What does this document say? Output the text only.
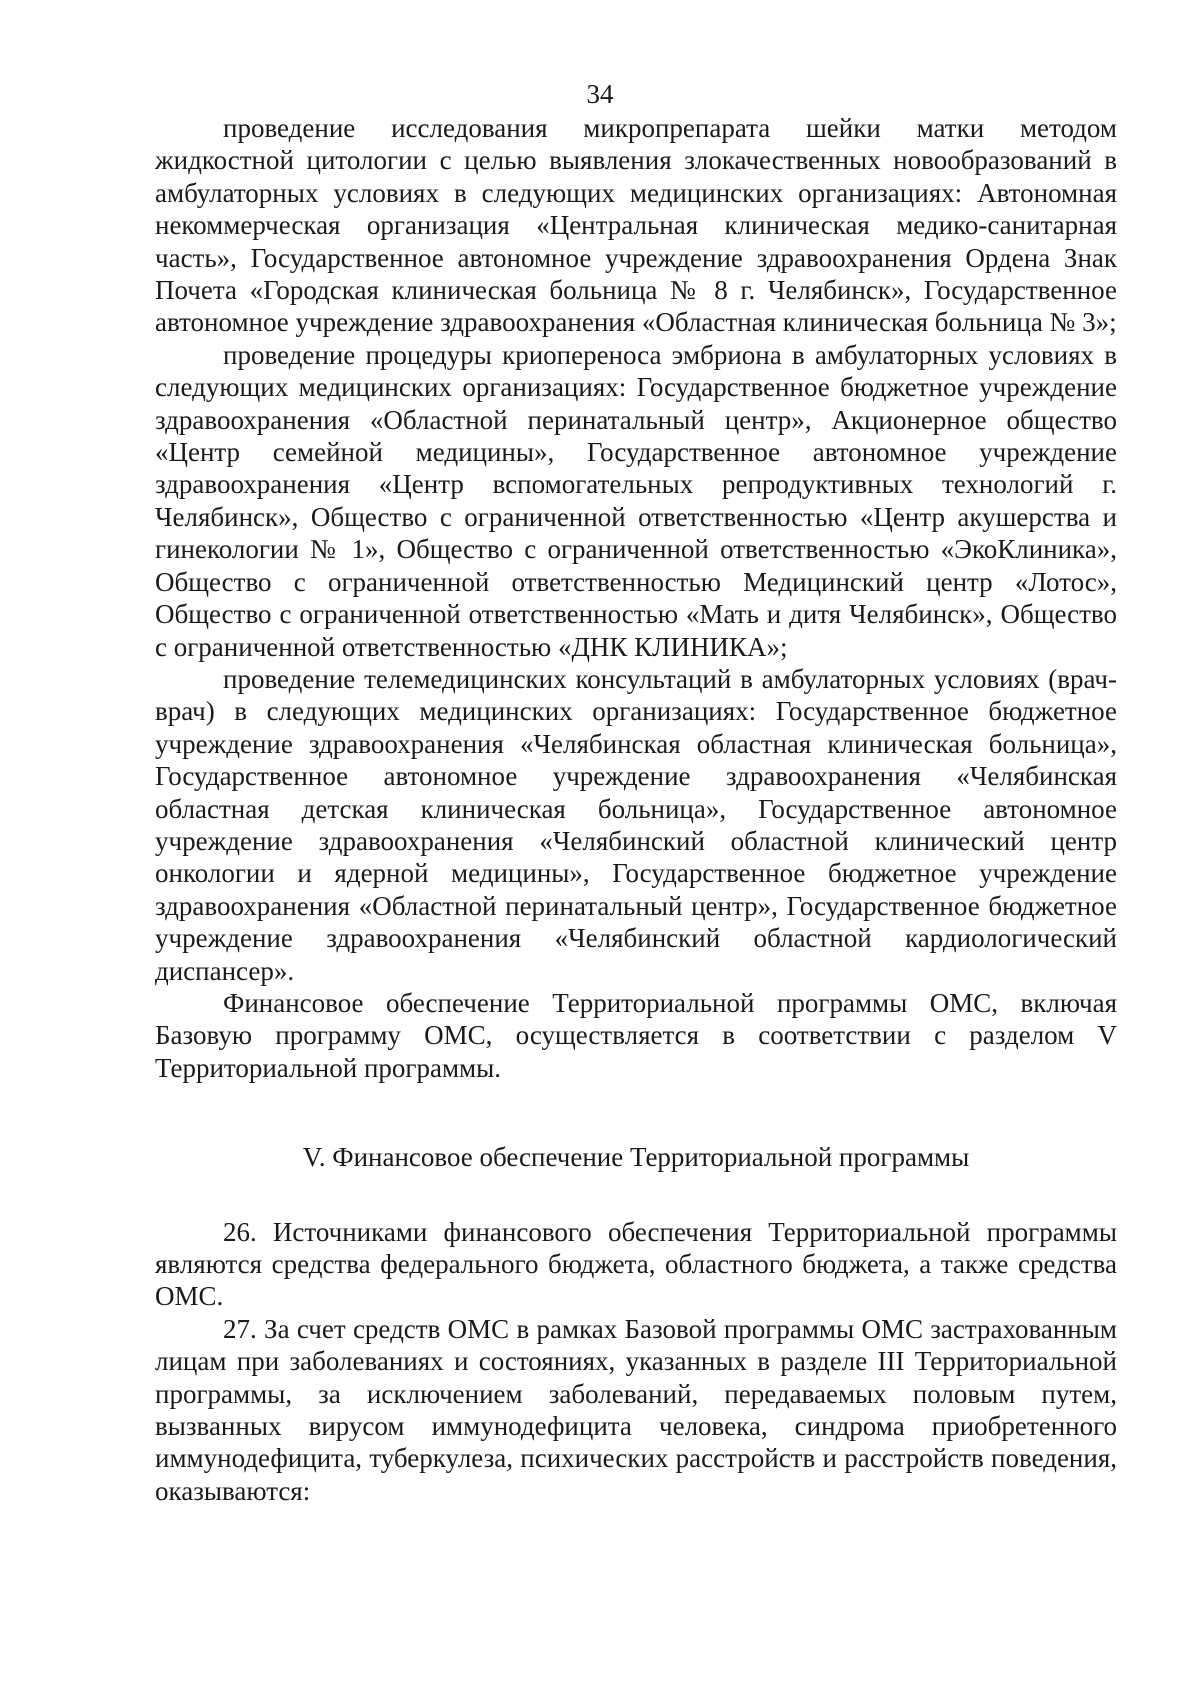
34

проведение исследования микропрепарата шейки матки методом жидкостной цитологии с целью выявления злокачественных новообразований в амбулаторных условиях в следующих медицинских организациях: Автономная некоммерческая организация «Центральная клиническая медико-санитарная часть», Государственное автономное учреждение здравоохранения Ордена Знак Почета «Городская клиническая больница № 8 г. Челябинск», Государственное автономное учреждение здравоохранения «Областная клиническая больница № 3»;

проведение процедуры криопереноса эмбриона в амбулаторных условиях в следующих медицинских организациях: Государственное бюджетное учреждение здравоохранения «Областной перинатальный центр», Акционерное общество «Центр семейной медицины», Государственное автономное учреждение здравоохранения «Центр вспомогательных репродуктивных технологий г. Челябинск», Общество с ограниченной ответственностью «Центр акушерства и гинекологии № 1», Общество с ограниченной ответственностью «ЭкоКлиника», Общество с ограниченной ответственностью Медицинский центр «Лотос», Общество с ограниченной ответственностью «Мать и дитя Челябинск», Общество с ограниченной ответственностью «ДНК КЛИНИКА»;

проведение телемедицинских консультаций в амбулаторных условиях (врач-врач) в следующих медицинских организациях: Государственное бюджетное учреждение здравоохранения «Челябинская областная клиническая больница», Государственное автономное учреждение здравоохранения «Челябинская областная детская клиническая больница», Государственное автономное учреждение здравоохранения «Челябинский областной клинический центр онкологии и ядерной медицины», Государственное бюджетное учреждение здравоохранения «Областной перинатальный центр», Государственное бюджетное учреждение здравоохранения «Челябинский областной кардиологический диспансер».

Финансовое обеспечение Территориальной программы ОМС, включая Базовую программу ОМС, осуществляется в соответствии с разделом V Территориальной программы.

V. Финансовое обеспечение Территориальной программы

26. Источниками финансового обеспечения Территориальной программы являются средства федерального бюджета, областного бюджета, а также средства ОМС.

27. За счет средств ОМС в рамках Базовой программы ОМС застрахованным лицам при заболеваниях и состояниях, указанных в разделе III Территориальной программы, за исключением заболеваний, передаваемых половым путем, вызванных вирусом иммунодефицита человека, синдрома приобретенного иммунодефицита, туберкулеза, психических расстройств и расстройств поведения, оказываются:
